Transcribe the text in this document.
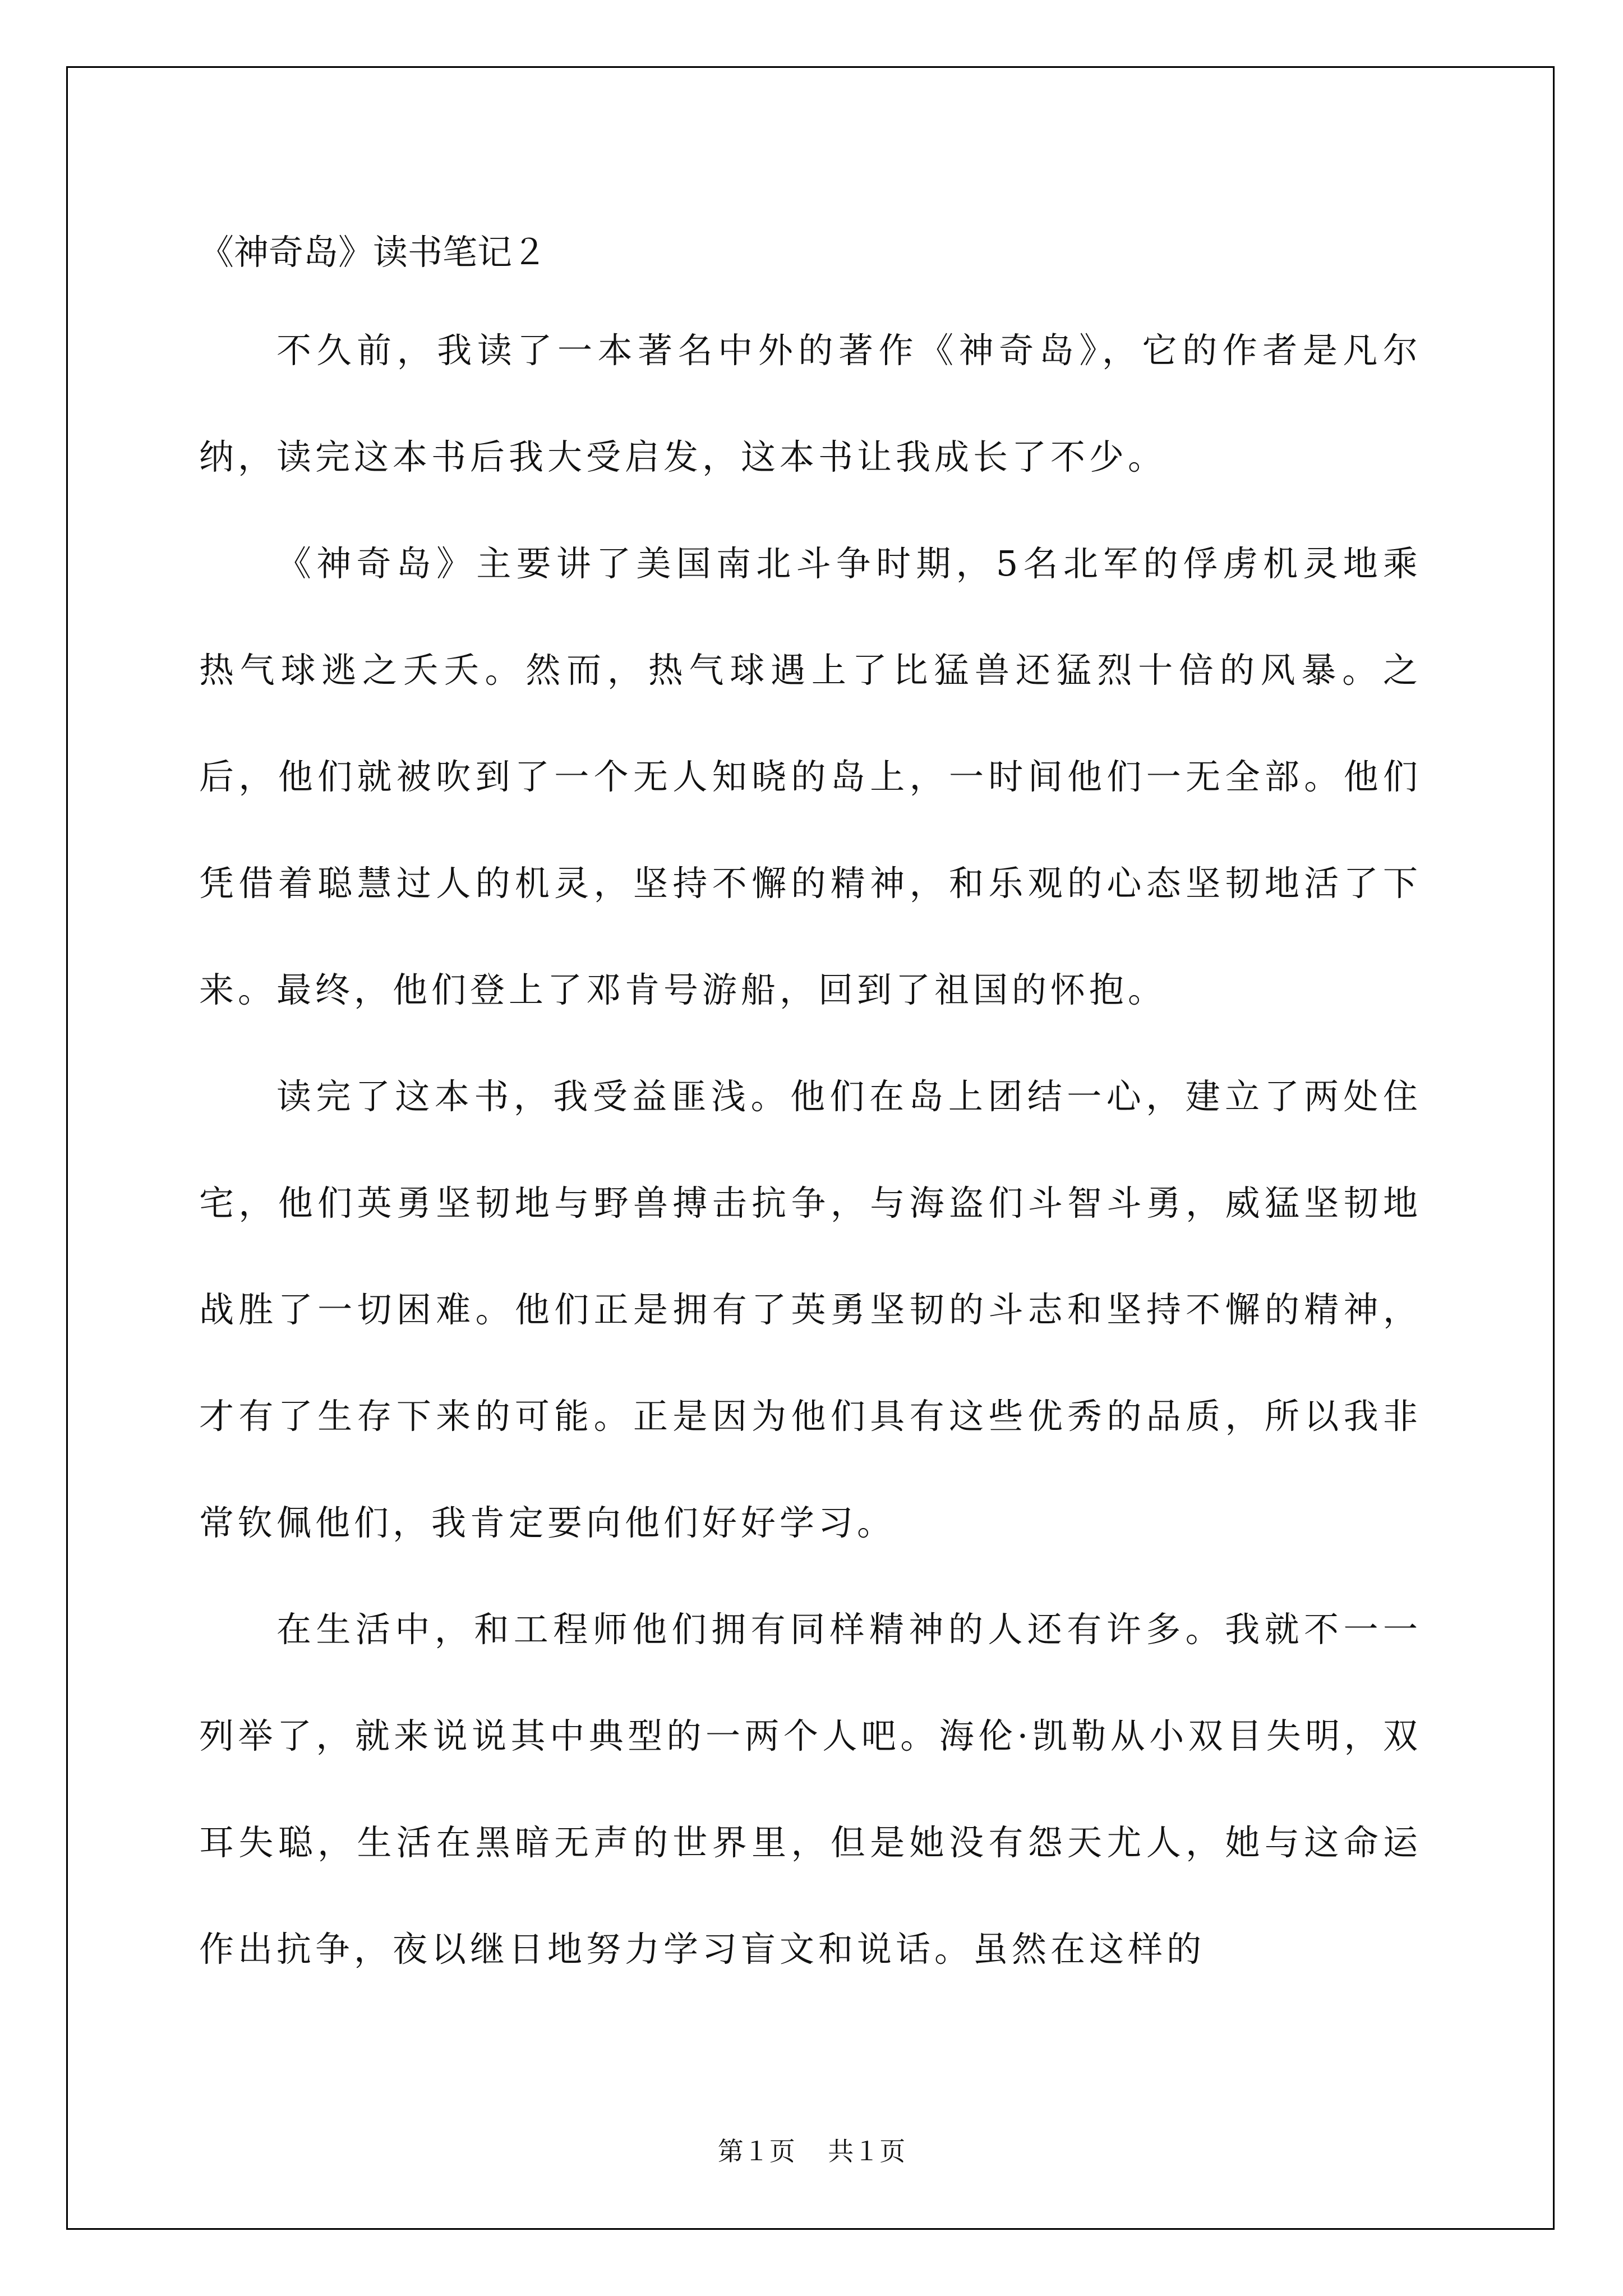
《神奇岛》读书笔记２

不久前，我读了一本著名中外的著作《神奇岛》，它的作者是凡尔纳，读完这本书后我大受启发，这本书让我成长了不少。

《神奇岛》主要讲了美国南北斗争时期，5名北军的俘虏机灵地乘热气球逃之夭夭。然而，热气球遇上了比猛兽还猛烈十倍的风暴。之后，他们就被吹到了一个无人知晓的岛上，一时间他们一无全部。他们凭借着聪慧过人的机灵，坚持不懈的精神，和乐观的心态坚韧地活了下来。最终，他们登上了邓肯号游船，回到了祖国的怀抱。

读完了这本书，我受益匪浅。他们在岛上团结一心，建立了两处住宅，他们英勇坚韧地与野兽搏击抗争，与海盗们斗智斗勇，威猛坚韧地战胜了一切困难。他们正是拥有了英勇坚韧的斗志和坚持不懈的精神，才有了生存下来的可能。正是因为他们具有这些优秀的品质，所以我非常钦佩他们，我肯定要向他们好好学习。

在生活中，和工程师他们拥有同样精神的人还有许多。我就不一一列举了，就来说说其中典型的一两个人吧。海伦·凯勒从小双目失明，双耳失聪，生活在黑暗无声的世界里，但是她没有怨天尤人，她与这命运作出抗争，夜以继日地努力学习盲文和说话。虽然在这样的

第１页    共１页
